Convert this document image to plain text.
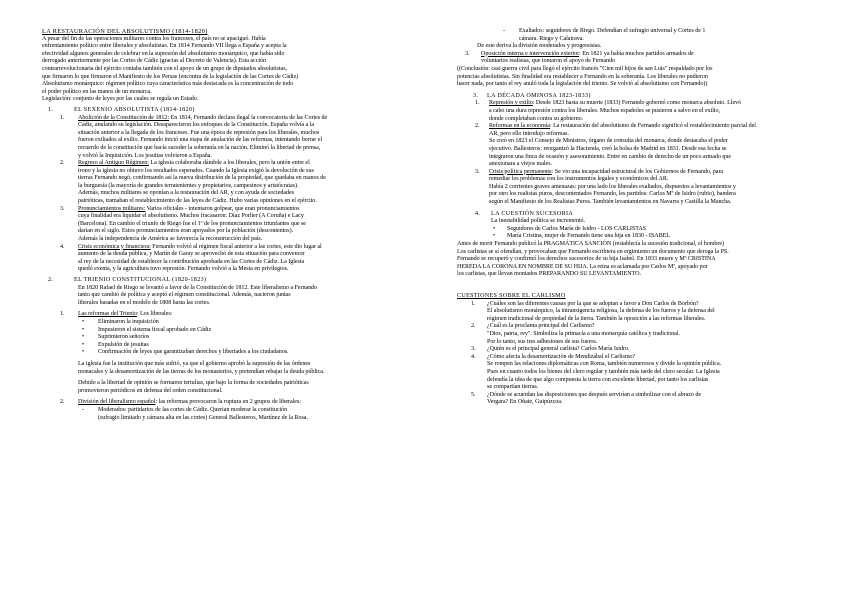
LA RESTAURACIÓN DEL ABSOLUTISMO (1814-1820)

A pesar del fin de las operaciones militares contra los franceses, el país no se apaciguó. Había

enfrentamiento político entre liberales y absolutistas. En 1814 Fernando VII llega a España y acepta la

efectividad algunos generales de celebrar en la supresión del absolutismo monárquico, que había sido

derrogado anteriormente por las Cortes de Cádiz (gracias al Decreto de Valencia). Esta acción

contrarrevolucionaria del ejército contaba también con el apoyo de un grupo de diputados absolutistas,

que firmaron lo que firmaron el Manifiesto de los Persas (encontra de la legislación de las Cortes de Cádiz)

Absolutismo monárquico: régimen político cuya característica más destacada es la concentración de todo

el poder político en las manos de un monarca.

Legislación: conjunto de leyes por las cuales se regula un Estado.

1.	EL SEXENIO ABSOLUTISTA (1814-1820)

1. Abolición de la Constitución de 1812: En 1814, Fernando declara ilegal la convocatoria de las Cortes de

Cádiz, anulando su legislación. Desaparecieron los enfoques de la Constitución. España volvía a la

situación anterior a la llegada de los franceses. Fue una época de represión para los liberales, muchos

fueron exiliados al exilio. Fernando inició una etapa de anulación de las reformas, intentando borrar el

recuerdo de la constitución que hacía suceder la soberanía en la nación. Eliminó la libertad de prensa,

y volvió la Inquisición. Los jesuitas volvieron a España.

2. Regreso al Antiguo Régimen: La iglesia colaboraba dándole a los liberales, pero la unión entre el

trono y la iglesia no obtuvo los resultados esperados. Cuando la Iglesia exigió la devolución de sus

tierras Fernando negó, confirmando así la nueva distribución de la propiedad, que quedaba en manos de

la burguesía (la mayoría de grandes terratenientes y propietarios, campesinos y aristócratas).

Además, muchos militares se oponían a la restauración del AR, y con ayuda de sociedades

patrióticas, tramaban el restablecimiento de las leyes de Cádiz. Hubo varias opiniones en el ejército.

3. Pronunciamientos militares: Varios oficiales - intentaron golpear, que eran pronunciamientos

cuya finalidad era liquidar el absolutismo. Muchos fracasaron: Díaz Porlier (A Coruña) e Lacy

(Barcelona). En cambio el triunfo de Riego fue el 1º de los pronunciamientos triunfantes que se

darían en el siglo. Estos pronunciamientos eran apoyados por la población (descontentos).

Además la independencia de América se favorecía la reconstrucción del país.

4. Crisis económica y financiera: Fernando volvió al régimen fiscal anterior a las cortes, este dio lugar al

aumento de la deuda pública, y Martín de Garay se aprovechó de esta situación para convencer

al rey de la necesidad de establecer la contribución aprobada en las Cortes de Cádiz. La Iglesia

quedó exenta, y la agricultura tuvo represión. Fernando volvió a la Mesta en privilegios.

2.	EL TRIENIO CONSTITUCIONAL (1820-1823)

En 1820 Rafael de Riego se levantó a favor de la Constitución de 1812. Este liberalismo a Fernando

tanto que cambió de política y aceptó el régimen constitucional. Además, nacieron juntas

liberales basadas en el modelo de 1808 hasta las cortes.

1. Las reformas del Trienio: Los liberales:

• Eliminaron la inquisición

• Impusieron el sistema fiscal aprobado en Cádiz

• Suprimieron señoríos

• Expulsión de jesuitas

• Confirmación de leyes que garantizaban derechos y libertades a los ciudadanos.

La iglesia fue la institución que más sufrió, ya que el gobierno aprobó la supresión de las órdenes

monacales y la desamortización de las tierras de los monasterios, y pretendían rebajar la deuda pública.

Debido a la libertad de opinión se formaron tertulias, que bajo la forma de sociedades patrióticas

promovieron periódicos en defensa del orden constitucional.

2. División del liberalismo español: las reformas provocaron la ruptura en 2 grupos de liberales:

- Moderados: partidarios de las cortes de Cádiz. Querían moderar la constitución

(sufragio limitado y cámara alta en las cortes) General Ballesteros, Martínez de la Rosa.

- Exaltados: seguidores de Riego. Defendían el sufragio universal y Cortes de 1

cámara. Riego y Calatrava.

De este deriva la división moderados y progresistas.

3. Oposición interna e intervención exterior: En 1821 ya había muchos partidos armados de

voluntarios realistas, que tomaron el apoyo de Fernando

((Conclusión: casi guerra civil para llegó el ejército francés "Cien mil hijos de san Luis" respaldado por los

potencias absolutistas. Sin finalidad era restablecer a Fernando en la soberanía. Los liberales no pudieron

hacer nada, por tanto el rey anuló toda la legislación del trienio. Se volvió al absolutismo con Fernando))

3. LA DÉCADA OMINOSA 1823-1833)

1. Represión y exilio: Desde 1823 hasta su muerte (1833) Fernando gobernó como monarca absoluto. Llevó

a cabo una dura represión contra los liberales. Muchos españoles se pusieron a salvo en el exilio,

donde completaban contra su gobierno.

2. Reformas en la economía: La restauración del absolutismo de Fernando significó el restablecimiento parcial del

AR, pero ello introdujo reformas.

Se creó en 1823 el Consejo de Ministros, órgano de consulta del monarca, donde destacaba el poder

ejecutivo. Ballesteros: reorganizó la Hacienda, creó la bolsa de Madrid en 1831. Desde esa fecha se

integraron una finca de ocasión y asesoramiento. Entre en cambio de derecho de un poco armado que

anexionara a viejos males.

3. Crisis política permanente: Se vio una incapacidad estructural de los Gobiernos de Fernando, para

remediar los problemas con los instrumentos legales y económicos del AR.

Había 2 corrientes graves amenazas: por una lado los liberales exaltados, dispuestos a levantamientos y

por otro los realistas puros, descontentados Fernando, les partidos: Carlos Mª de Isidro (rubio), bandera

según el Manifiesto de los Realistas Puros. También levantamientos en Navarra y Castilla la Mancha.

4. LA CUESTIÓN SUCESORIA

La inestabilidad política se incrementó.

• Seguidores de Carlos María de Isidro - LOS CARLISTAS

• María Cristina, mujer de Fernando tiene una hija en 1830 - ISABEL

Antes de morir Fernando publicó la PRAGMÁTICA SANCIÓN (restablecía la sucesión tradicional, el hombre)

Los carlistas se sí ofendían, y provocaban que Fernando escribiera en ergimiento un documento que deroga la PS.

Fernando se recuperó y confirmó los derechos sucesorios de su hija Isabel. En 1833 muere y Mª CRISTINA

HEREDA LA CORONA EN NOMBRE DE SU HIJA. La reina es aclamada por Carlos Mª, apoyado por

los carlistas, que llevan montados PREPARANDO SU LEVANTAMIENTO.

CUESTIONES SOBRE EL CARLISMO

1. ¿Cuáles son las diferentes causas por la que se adoptan a favor a Don Carlos de Borbón?

El absolutismo monárquico, la intransigencia religiosa, la defensa de los fueros y la defensa del

régimen tradicional de propiedad de la tierra. También la oposición a las reformas liberales.

2. ¿Cuál es la proclama principal del Carlismo?

"Dios, patria, rey". Simboliza la primacía a una monarquía católica y tradicional.

Por lo tanto, sus tres adhesiones de sus fueros.

3. ¿Quién es el principal general carlista? Carlos María Isidro.

4. ¿Cómo afecta la desamortización de Mendizábal el Carlismo?

Se rompen las relaciones diplomáticas con Roma, también numerosos y divide la opinión pública.

Pues en cuanto todos los bienes del clero regular y también más tarde del clero secular. La Iglesia

defendía la idea de que algo compuesta la tierra con excelente libertad, por tanto los carlistas

se compartían tierras.

5. ¿Dónde se acuerdan las disposiciones que después servirían a simbolizar con el abrazo de

Vergara? En Oñate, Guipúzcoa.
